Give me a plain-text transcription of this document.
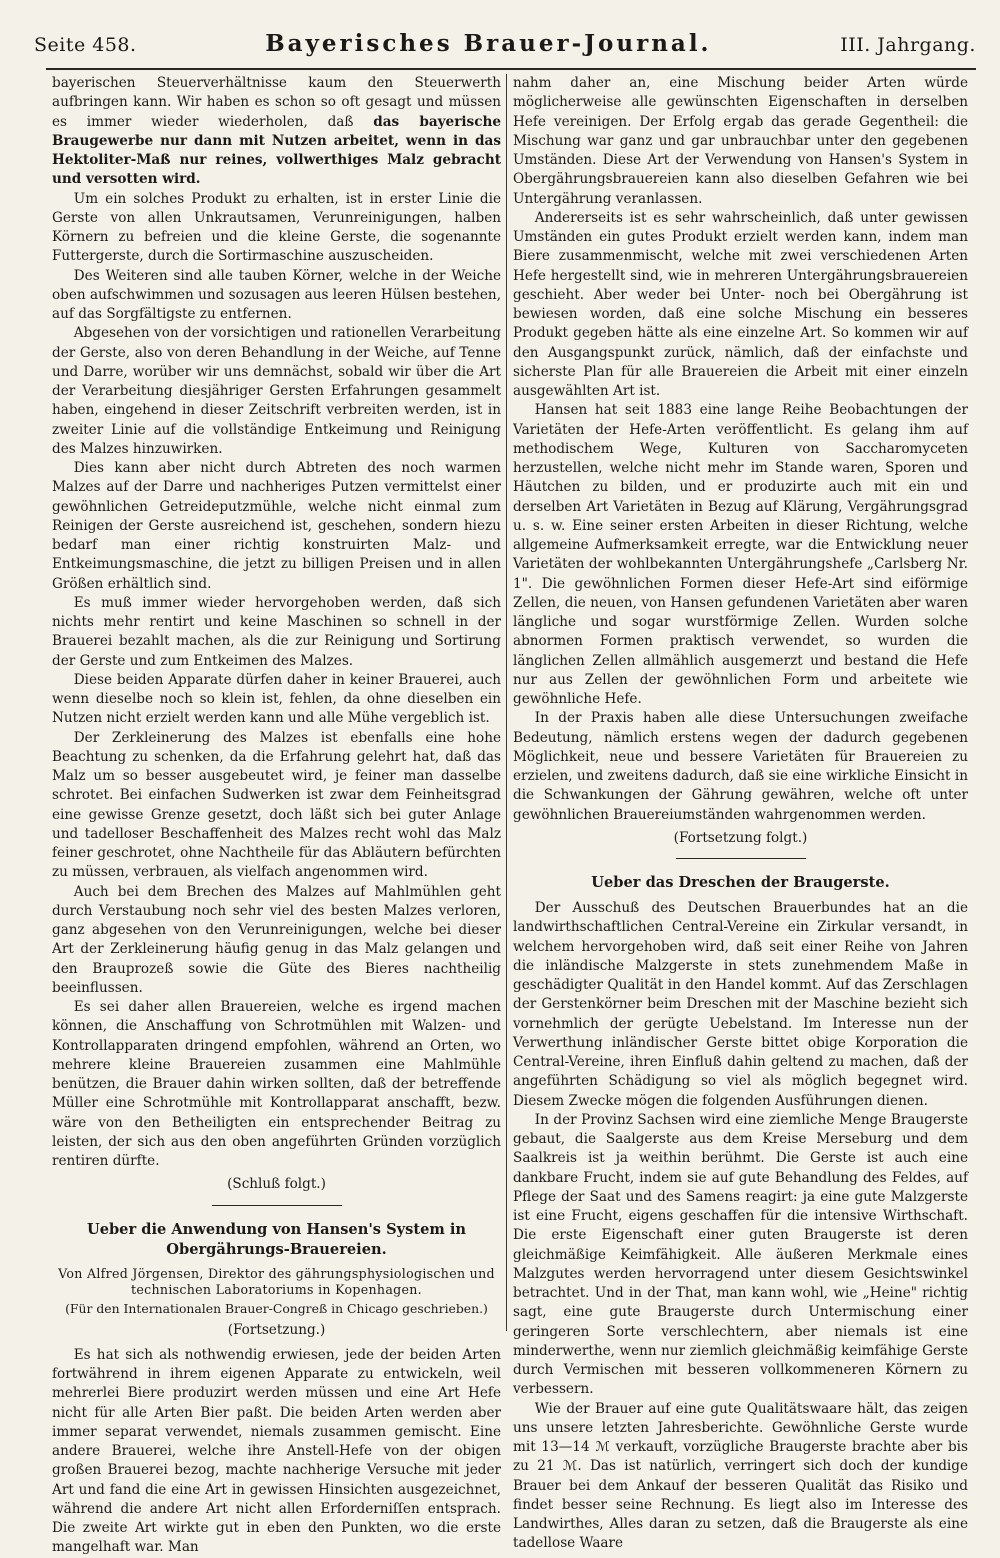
Seite 458.	Bayerisches Brauer-Journal.	III. Jahrgang.

bayerischen Steuerverhältnisse kaum den Steuerwerth aufbringen kann. Wir haben es schon so oft gesagt und müssen es immer wieder wiederholen, daß das bayerische Braugewerbe nur dann mit Nutzen arbeitet, wenn in das Hektoliter-Maß nur reines, vollwerthiges Malz gebracht und versotten wird.

Um ein solches Produkt zu erhalten, ist in erster Linie die Gerste von allen Unkrautsamen, Verunreinigungen, halben Körnern zu befreien und die kleine Gerste, die sogenannte Futtergerste, durch die Sortirmaschine auszuscheiden.

Des Weiteren sind alle tauben Körner, welche in der Weiche oben aufschwimmen und sozusagen aus leeren Hülsen bestehen, auf das Sorgfältigste zu entfernen.

Abgesehen von der vorsichtigen und rationellen Verarbeitung der Gerste, also von deren Behandlung in der Weiche, auf Tenne und Darre, worüber wir uns demnächst, sobald wir über die Art der Verarbeitung diesjähriger Gersten Erfahrungen gesammelt haben, eingehend in dieser Zeitschrift verbreiten werden, ist in zweiter Linie auf die vollständige Entkeimung und Reinigung des Malzes hinzuwirken.

Dies kann aber nicht durch Abtreten des noch warmen Malzes auf der Darre und nachheriges Putzen vermittelst einer gewöhnlichen Getreideputzmühle, welche nicht einmal zum Reinigen der Gerste ausreichend ist, geschehen, sondern hiezu bedarf man einer richtig konstruirten Malz- und Entkeimungsmaschine, die jetzt zu billigen Preisen und in allen Größen erhältlich sind.

Es muß immer wieder hervorgehoben werden, daß sich nichts mehr rentirt und keine Maschinen so schnell in der Brauerei bezahlt machen, als die zur Reinigung und Sortirung der Gerste und zum Entkeimen des Malzes.

Diese beiden Apparate dürfen daher in keiner Brauerei, auch wenn dieselbe noch so klein ist, fehlen, da ohne dieselben ein Nutzen nicht erzielt werden kann und alle Mühe vergeblich ist.

Der Zerkleinerung des Malzes ist ebenfalls eine hohe Beachtung zu schenken, da die Erfahrung gelehrt hat, daß das Malz um so besser ausgebeutet wird, je feiner man dasselbe schrotet. Bei einfachen Sudwerken ist zwar dem Feinheitsgrad eine gewisse Grenze gesetzt, doch läßt sich bei guter Anlage und tadelloser Beschaffenheit des Malzes recht wohl das Malz feiner geschrotet, ohne Nachtheile für das Abläutern befürchten zu müssen, verbrauen, als vielfach angenommen wird.

Auch bei dem Brechen des Malzes auf Mahlmühlen geht durch Verstaubung noch sehr viel des besten Malzes verloren, ganz abgesehen von den Verunreinigungen, welche bei dieser Art der Zerkleinerung häufig genug in das Malz gelangen und den Brauprozeß sowie die Güte des Bieres nachtheilig beeinflussen.

Es sei daher allen Brauereien, welche es irgend machen können, die Anschaffung von Schrotmühlen mit Walzen- und Kontrollapparaten dringend empfohlen, während an Orten, wo mehrere kleine Brauereien zusammen eine Mahlmühle benützen, die Brauer dahin wirken sollten, daß der betreffende Müller eine Schrotmühle mit Kontrollapparat anschafft, bezw. wäre von den Betheiligten ein entsprechender Beitrag zu leisten, der sich aus den oben angeführten Gründen vorzüglich rentiren dürfte.

(Schluß folgt.)

Ueber die Anwendung von Hansen's System in Obergährungs-Brauereien.

Von Alfred Jörgensen, Direktor des gährungsphysiologischen und technischen Laboratoriums in Kopenhagen.

(Für den Internationalen Brauer-Congreß in Chicago geschrieben.)

(Fortsetzung.)

Es hat sich als nothwendig erwiesen, jede der beiden Arten fortwährend in ihrem eigenen Apparate zu entwickeln, weil mehrerlei Biere produzirt werden müssen und eine Art Hefe nicht für alle Arten Bier paßt. Die beiden Arten werden aber immer separat verwendet, niemals zusammen gemischt. Eine andere Brauerei, welche ihre Anstell-Hefe von der obigen großen Brauerei bezog, machte nachherige Versuche mit jeder Art und fand die eine Art in gewissen Hinsichten ausgezeichnet, während die andere Art nicht allen Erforderniſſen entsprach. Die zweite Art wirkte gut in eben den Punkten, wo die erste mangelhaft war. Man

nahm daher an, eine Mischung beider Arten würde möglicherweise alle gewünschten Eigenschaften in derselben Hefe vereinigen. Der Erfolg ergab das gerade Gegentheil: die Mischung war ganz und gar unbrauchbar unter den gegebenen Umständen. Diese Art der Verwendung von Hansen's System in Obergährungsbrauereien kann also dieselben Gefahren wie bei Untergährung veranlassen.

Andererseits ist es sehr wahrscheinlich, daß unter gewissen Umständen ein gutes Produkt erzielt werden kann, indem man Biere zusammenmischt, welche mit zwei verschiedenen Arten Hefe hergestellt sind, wie in mehreren Untergährungsbrauereien geschieht. Aber weder bei Unter- noch bei Obergährung ist bewiesen worden, daß eine solche Mischung ein besseres Produkt gegeben hätte als eine einzelne Art. So kommen wir auf den Ausgangspunkt zurück, nämlich, daß der einfachste und sicherste Plan für alle Brauereien die Arbeit mit einer einzeln ausgewählten Art ist.

Hansen hat seit 1883 eine lange Reihe Beobachtungen der Varietäten der Hefe-Arten veröffentlicht. Es gelang ihm auf methodischem Wege, Kulturen von Saccharomyceten herzustellen, welche nicht mehr im Stande waren, Sporen und Häutchen zu bilden, und er produzirte auch mit ein und derselben Art Varietäten in Bezug auf Klärung, Vergährungsgrad u. s. w. Eine seiner ersten Arbeiten in dieser Richtung, welche allgemeine Aufmerksamkeit erregte, war die Entwicklung neuer Varietäten der wohlbekannten Untergährungshefe „Carlsberg Nr. 1". Die gewöhnlichen Formen dieser Hefe-Art sind eiförmige Zellen, die neuen, von Hansen gefundenen Varietäten aber waren längliche und sogar wurstförmige Zellen. Wurden solche abnormen Formen praktisch verwendet, so wurden die länglichen Zellen allmählich ausgemerzt und bestand die Hefe nur aus Zellen der gewöhnlichen Form und arbeitete wie gewöhnliche Hefe.

In der Praxis haben alle diese Untersuchungen zweifache Bedeutung, nämlich erstens wegen der dadurch gegebenen Möglichkeit, neue und bessere Varietäten für Brauereien zu erzielen, und zweitens dadurch, daß sie eine wirkliche Einsicht in die Schwankungen der Gährung gewähren, welche oft unter gewöhnlichen Brauereiumständen wahrgenommen werden.

(Fortsetzung folgt.)

Ueber das Dreschen der Braugerste.

Der Ausschuß des Deutschen Brauerbundes hat an die landwirthschaftlichen Central-Vereine ein Zirkular versandt, in welchem hervorgehoben wird, daß seit einer Reihe von Jahren die inländische Malzgerste in stets zunehmendem Maße in geschädigter Qualität in den Handel kommt. Auf das Zerschlagen der Gerstenkörner beim Dreschen mit der Maschine bezieht sich vornehmlich der gerügte Uebelstand. Im Interesse nun der Verwerthung inländischer Gerste bittet obige Korporation die Central-Vereine, ihren Einfluß dahin geltend zu machen, daß der angeführten Schädigung so viel als möglich begegnet wird. Diesem Zwecke mögen die folgenden Ausführungen dienen.

In der Provinz Sachsen wird eine ziemliche Menge Braugerste gebaut, die Saalgerste aus dem Kreise Merseburg und dem Saalkreis ist ja weithin berühmt. Die Gerste ist auch eine dankbare Frucht, indem sie auf gute Behandlung des Feldes, auf Pflege der Saat und des Samens reagirt: ja eine gute Malzgerste ist eine Frucht, eigens geschaffen für die intensive Wirthschaft. Die erste Eigenschaft einer guten Braugerste ist deren gleichmäßige Keimfähigkeit. Alle äußeren Merkmale eines Malzgutes werden hervorragend unter diesem Gesichtswinkel betrachtet. Und in der That, man kann wohl, wie „Heine" richtig sagt, eine gute Braugerste durch Untermischung einer geringeren Sorte verschlechtern, aber niemals ist eine minderwerthe, wenn nur ziemlich gleichmäßig keimfähige Gerste durch Vermischen mit besseren vollkommeneren Körnern zu verbessern.

Wie der Brauer auf eine gute Qualitätswaare hält, das zeigen uns unsere letzten Jahresberichte. Gewöhnliche Gerste wurde mit 13—14 ℳ verkauft, vorzügliche Braugerste brachte aber bis zu 21 ℳ. Das ist natürlich, verringert sich doch der kundige Brauer bei dem Ankauf der besseren Qualität das Risiko und findet besser seine Rechnung. Es liegt also im Interesse des Landwirthes, Alles daran zu setzen, daß die Braugerste als eine tadellose Waare
